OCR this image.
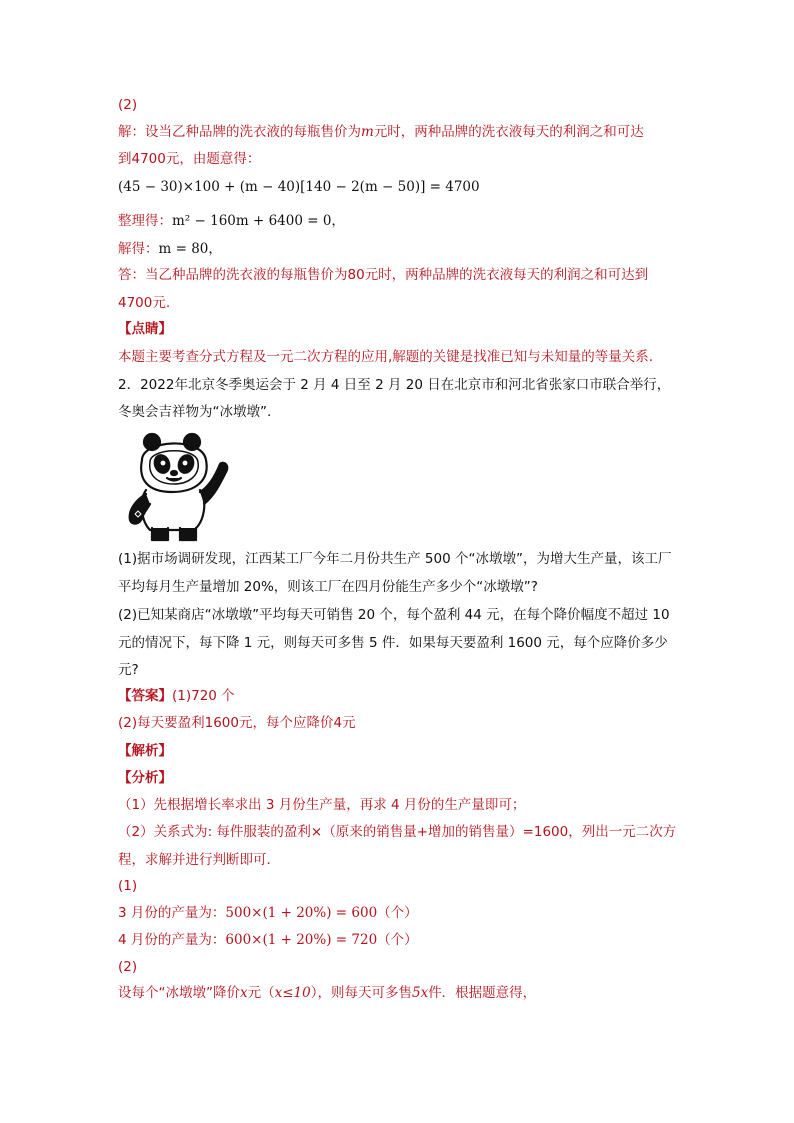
(2)
解：设当乙种品牌的洗衣液的每瓶售价为m元时，两种品牌的洗衣液每天的利润之和可达
到4700元，由题意得：
(45 − 30)×100 + (m − 40)[140 − 2(m − 50)] = 4700
整理得：m² − 160m + 6400 = 0，
解得：m = 80，
答：当乙种品牌的洗衣液的每瓶售价为80元时，两种品牌的洗衣液每天的利润之和可达到
4700元.
【点睛】
本题主要考查分式方程及一元二次方程的应用,解题的关键是找准已知与未知量的等量关系.
2．2022年北京冬季奥运会于 2 月 4 日至 2 月 20 日在北京市和河北省张家口市联合举行，
冬奥会吉祥物为“冰墩墩”.
(1)据市场调研发现，江西某工厂今年二月份共生产 500 个“冰墩墩”，为增大生产量，该工厂
平均每月生产量增加 20%，则该工厂在四月份能生产多少个“冰墩墩”?
(2)已知某商店“冰墩墩”平均每天可销售 20 个，每个盈利 44 元，在每个降价幅度不超过 10
元的情况下，每下降 1 元，则每天可多售 5 件．如果每天要盈利 1600 元，每个应降价多少
元?
【答案】(1)720 个
(2)每天要盈利1600元，每个应降价4元
【解析】
【分析】
（1）先根据增长率求出 3 月份生产量，再求 4 月份的生产量即可；
（2）关系式为: 每件服装的盈利×（原来的销售量+增加的销售量）=1600，列出一元二次方
程，求解并进行判断即可．
(1)
3 月份的产量为：500×(1 + 20%) = 600（个）
4 月份的产量为：600×(1 + 20%) = 720（个）
(2)
设每个“冰墩墩”降价x元（x≤10），则每天可多售5x件．根据题意得，
